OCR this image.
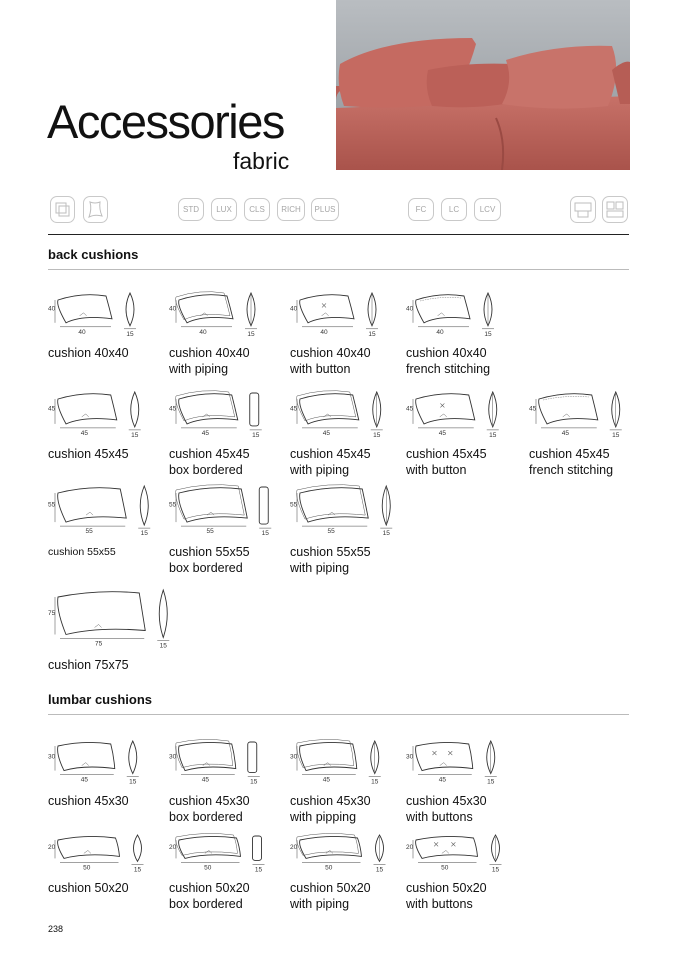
Accessories
fabric
STD	LUX	CLS	RICH	PLUS	FC	LC	LCV
back cushions
lumbar cushions
40
40
15
cushion 40x40
40
40
15
cushion 40x40
with piping
40
40
15
cushion 40x40
with button
40
40
15
cushion 40x40
french stitching
45
45
15
cushion 45x45
45
45
15
cushion 45x45
box bordered
45
45
15
cushion 45x45
with piping
45
45
15
cushion 45x45
with button
45
45
15
cushion 45x45
french stitching
55
55
15
cushion 55x55
55
55
15
cushion 55x55
box bordered
55
55
15
cushion 55x55
with piping
75
75
15
cushion 75x75
45
30
15
cushion 45x30
45
30
15
cushion 45x30
box bordered
45
30
15
cushion 45x30
with pipping
45
30
15
cushion 45x30
with buttons
50
20
15
cushion 50x20
50
20
15
cushion 50x20
box bordered
50
20
15
cushion 50x20
with piping
50
20
15
cushion 50x20
with buttons
238
